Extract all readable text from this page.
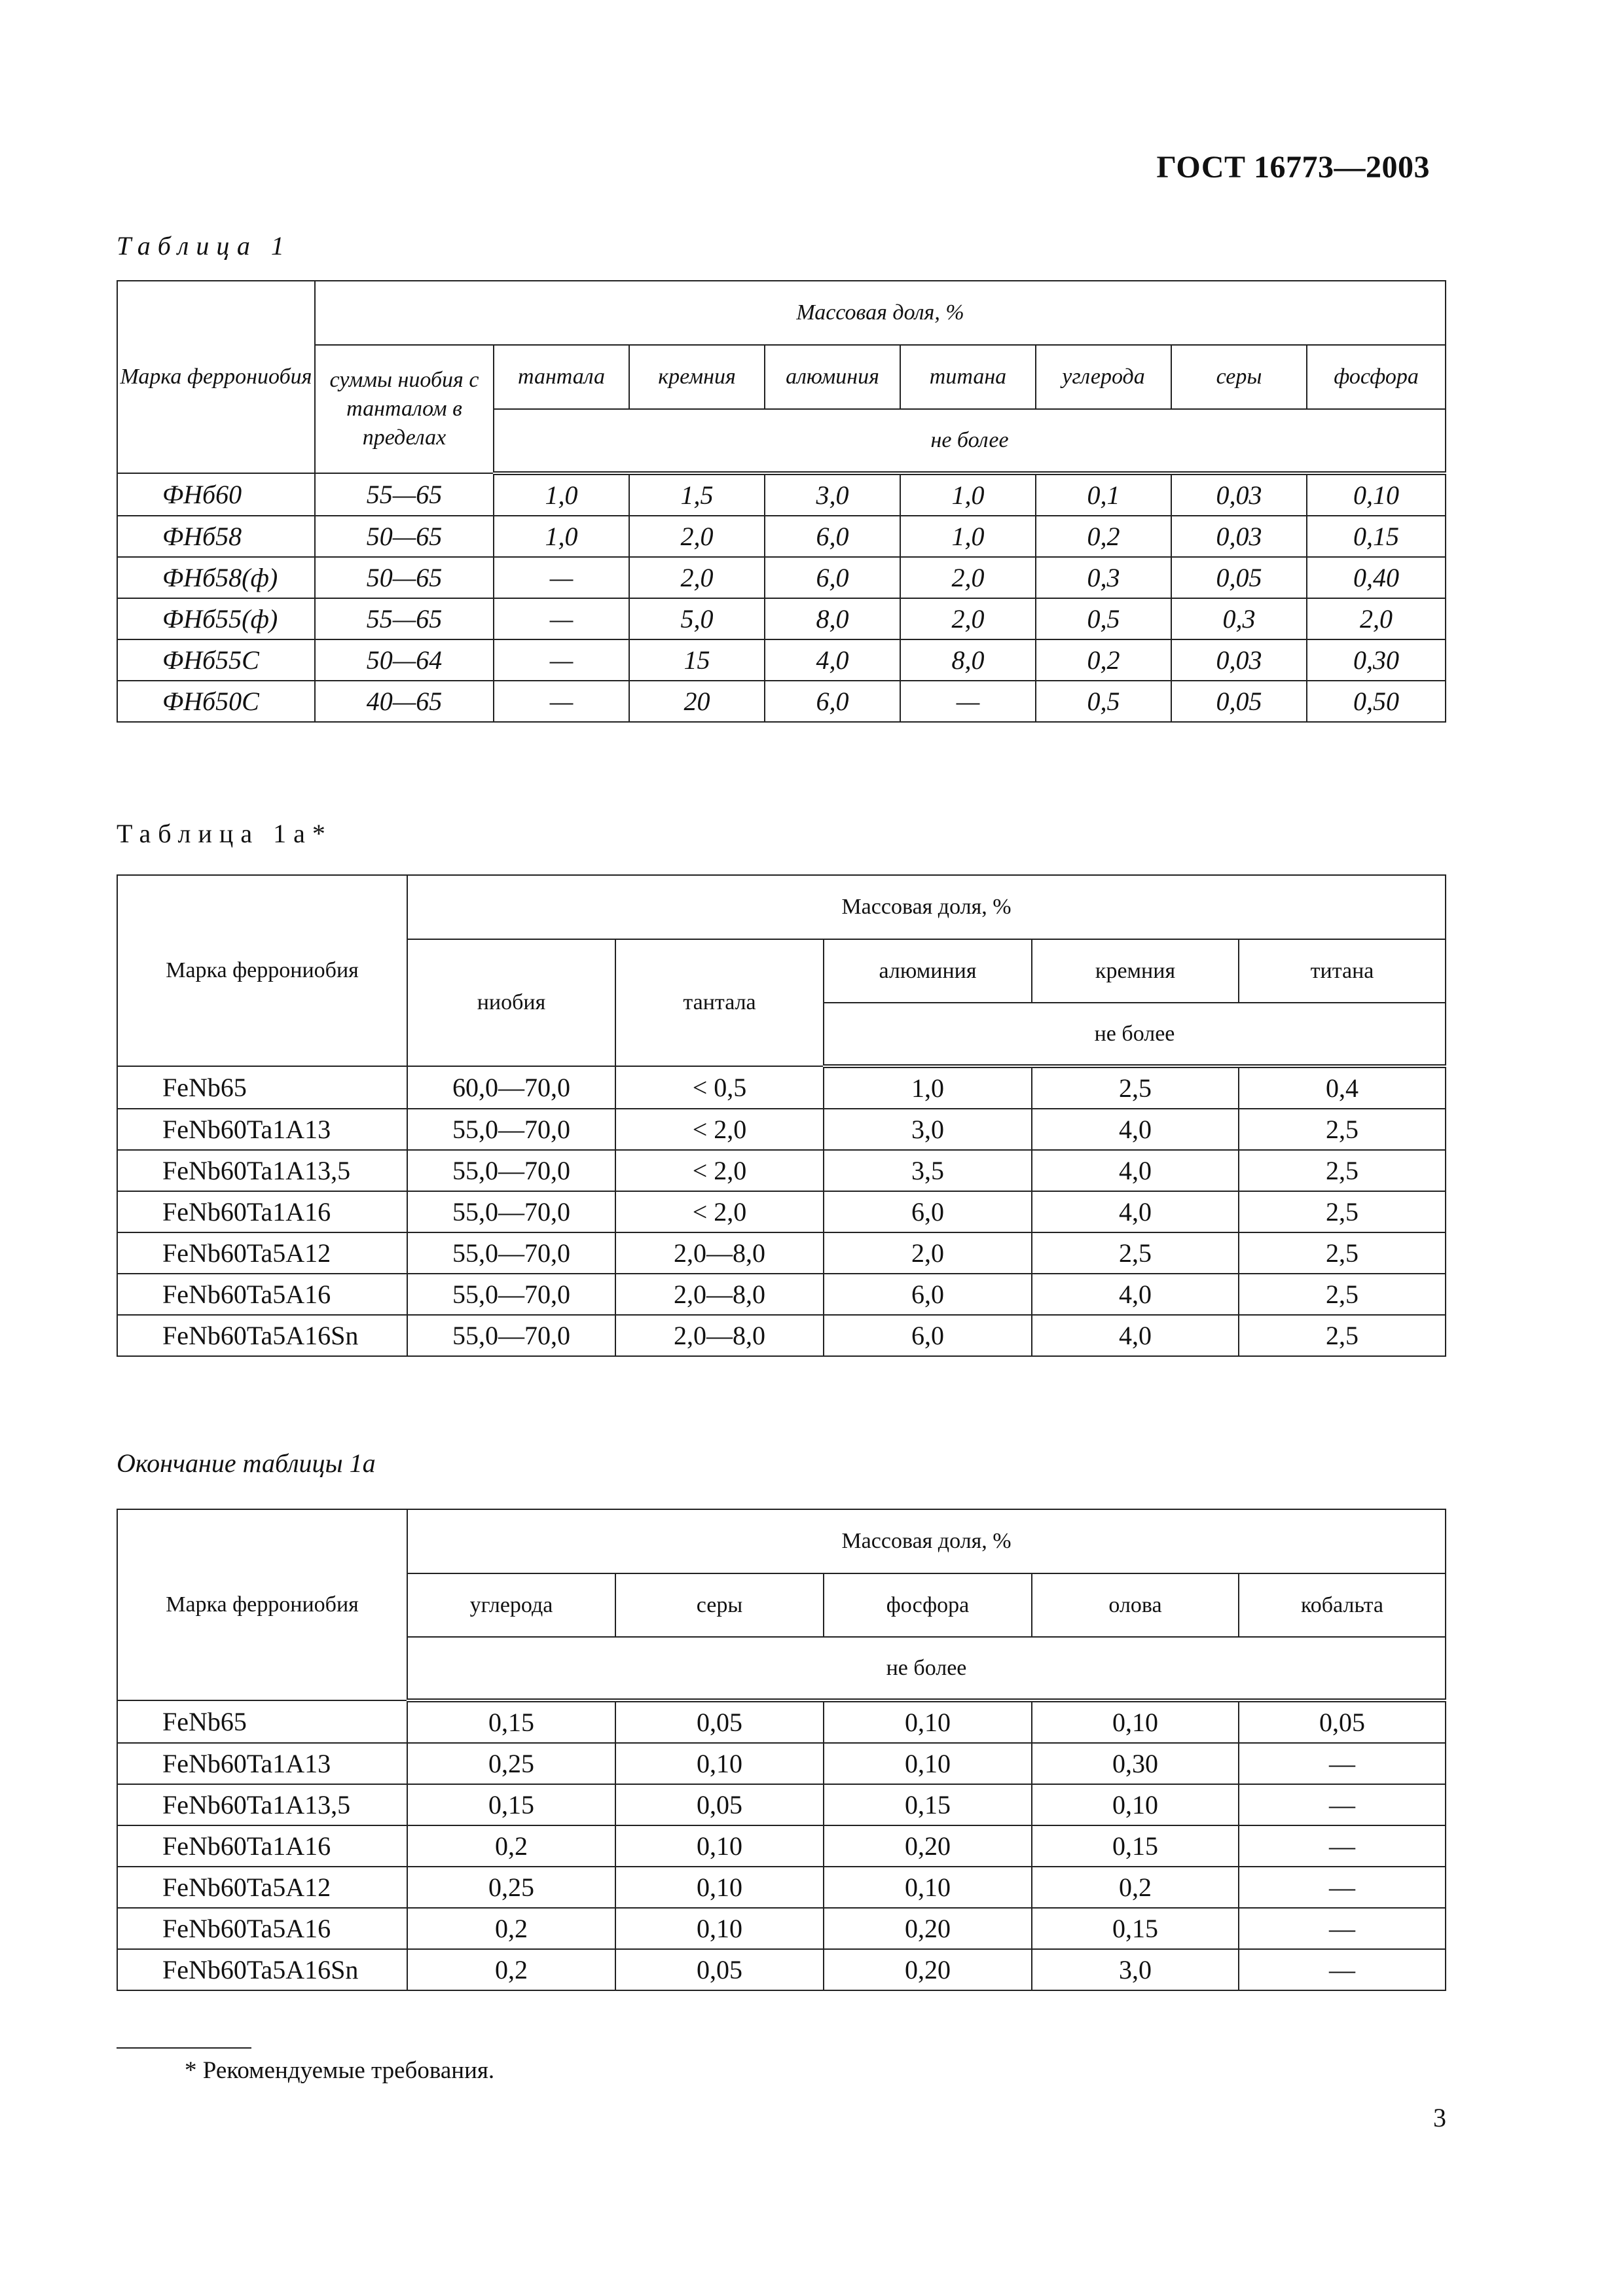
ГОСТ 16773—2003
Таблица 1
Марка феррониобия	Массовая доля, %							
	суммы ниобия с танталом в пределах	тантала	кремния	алюминия	титана	углерода	серы	фосфора
		не более						
ФНб60	55—65	1,0	1,5	3,0	1,0	0,1	0,03	0,10
ФНб58	50—65	1,0	2,0	6,0	1,0	0,2	0,03	0,15
ФНб58(ф)	50—65	—	2,0	6,0	2,0	0,3	0,05	0,40
ФНб55(ф)	55—65	—	5,0	8,0	2,0	0,5	0,3	2,0
ФНб55С	50—64	—	15	4,0	8,0	0,2	0,03	0,30
ФНб50С	40—65	—	20	6,0	—	0,5	0,05	0,50
Таблица 1а*
Марка феррониобия	Массовая доля, %				
	ниобия	тантала	алюминия	кремния	титана
			не более		
FeNb65	60,0—70,0	< 0,5	1,0	2,5	0,4
FeNb60Ta1A13	55,0—70,0	< 2,0	3,0	4,0	2,5
FeNb60Ta1A13,5	55,0—70,0	< 2,0	3,5	4,0	2,5
FeNb60Ta1A16	55,0—70,0	< 2,0	6,0	4,0	2,5
FeNb60Ta5A12	55,0—70,0	2,0—8,0	2,0	2,5	2,5
FeNb60Ta5A16	55,0—70,0	2,0—8,0	6,0	4,0	2,5
FeNb60Ta5A16Sn	55,0—70,0	2,0—8,0	6,0	4,0	2,5
Окончание таблицы 1а
Марка феррониобия	Массовая доля, %				
	углерода	серы	фосфора	олова	кобальта
	не более				
FeNb65	0,15	0,05	0,10	0,10	0,05
FeNb60Ta1A13	0,25	0,10	0,10	0,30	—
FeNb60Ta1A13,5	0,15	0,05	0,15	0,10	—
FeNb60Ta1A16	0,2	0,10	0,20	0,15	—
FeNb60Ta5A12	0,25	0,10	0,10	0,2	—
FeNb60Ta5A16	0,2	0,10	0,20	0,15	—
FeNb60Ta5A16Sn	0,2	0,05	0,20	3,0	—
* Рекомендуемые требования.
3
